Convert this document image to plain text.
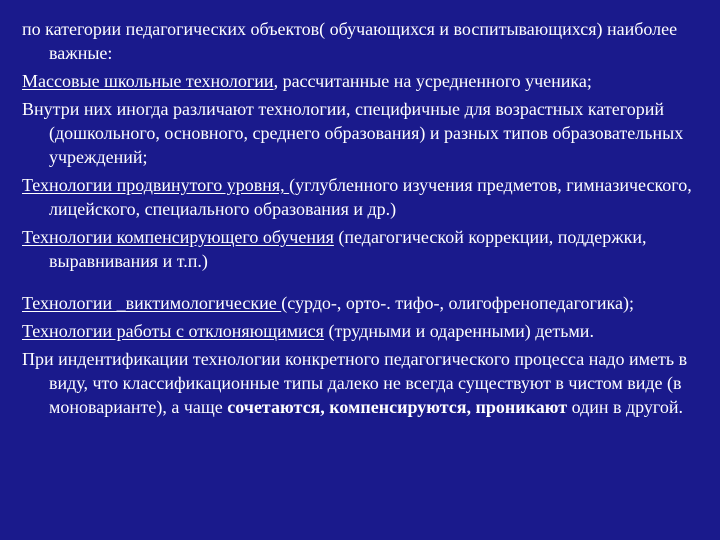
по категории педагогических объектов( обучающихся и воспитывающихся) наиболее важные:

Массовые школьные технологии, рассчитанные на усредненного ученика;

Внутри них иногда различают технологии, специфичные для возрастных категорий (дошкольного, основного, среднего образования) и разных типов образовательных учреждений;

Технологии продвинутого уровня, (углубленного изучения предметов, гимназического, лицейского, специального образования и др.)

Технологии компенсирующего обучения (педагогической коррекции, поддержки, выравнивания и т.п.)

Технологии _виктимологические (сурдо-, орто-. тифо-, олигофренопедагогика);

Технологии работы с отклоняющимися (трудными и одаренными) детьми.

При индентификации технологии конкретного педагогического процесса надо иметь в виду, что классификационные типы далеко не всегда существуют в чистом виде (в моноварианте), а чаще сочетаются, компенсируются, проникают один в другой.
